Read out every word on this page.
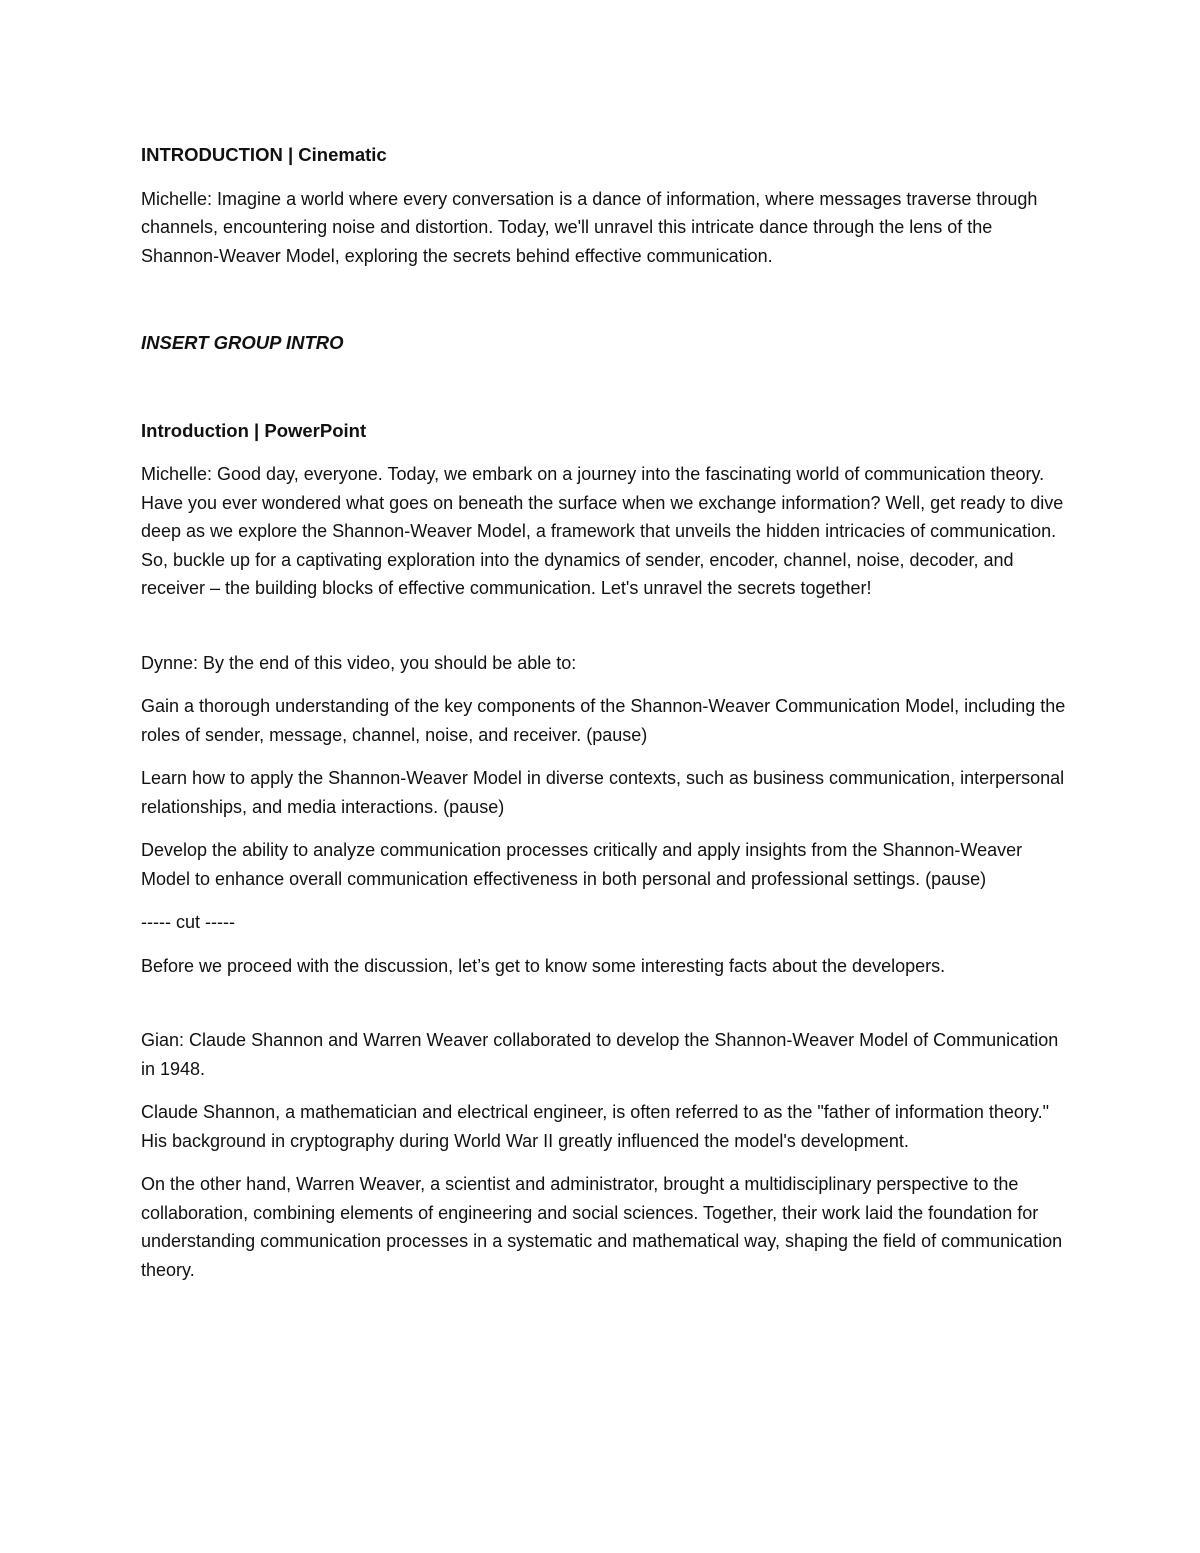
INTRODUCTION | Cinematic

Michelle: Imagine a world where every conversation is a dance of information, where messages traverse through channels, encountering noise and distortion. Today, we'll unravel this intricate dance through the lens of the Shannon-Weaver Model, exploring the secrets behind effective communication.

INSERT GROUP INTRO

Introduction | PowerPoint

Michelle: Good day, everyone. Today, we embark on a journey into the fascinating world of communication theory. Have you ever wondered what goes on beneath the surface when we exchange information? Well, get ready to dive deep as we explore the Shannon-Weaver Model, a framework that unveils the hidden intricacies of communication. So, buckle up for a captivating exploration into the dynamics of sender, encoder, channel, noise, decoder, and receiver – the building blocks of effective communication. Let's unravel the secrets together!

Dynne: By the end of this video, you should be able to:

Gain a thorough understanding of the key components of the Shannon-Weaver Communication Model, including the roles of sender, message, channel, noise, and receiver. (pause)

Learn how to apply the Shannon-Weaver Model in diverse contexts, such as business communication, interpersonal relationships, and media interactions. (pause)

Develop the ability to analyze communication processes critically and apply insights from the Shannon-Weaver Model to enhance overall communication effectiveness in both personal and professional settings. (pause)

----- cut -----

Before we proceed with the discussion, let’s get to know some interesting facts about the developers.

Gian: Claude Shannon and Warren Weaver collaborated to develop the Shannon-Weaver Model of Communication in 1948.

Claude Shannon, a mathematician and electrical engineer, is often referred to as the "father of information theory." His background in cryptography during World War II greatly influenced the model's development.

On the other hand, Warren Weaver, a scientist and administrator, brought a multidisciplinary perspective to the collaboration, combining elements of engineering and social sciences. Together, their work laid the foundation for understanding communication processes in a systematic and mathematical way, shaping the field of communication theory.
